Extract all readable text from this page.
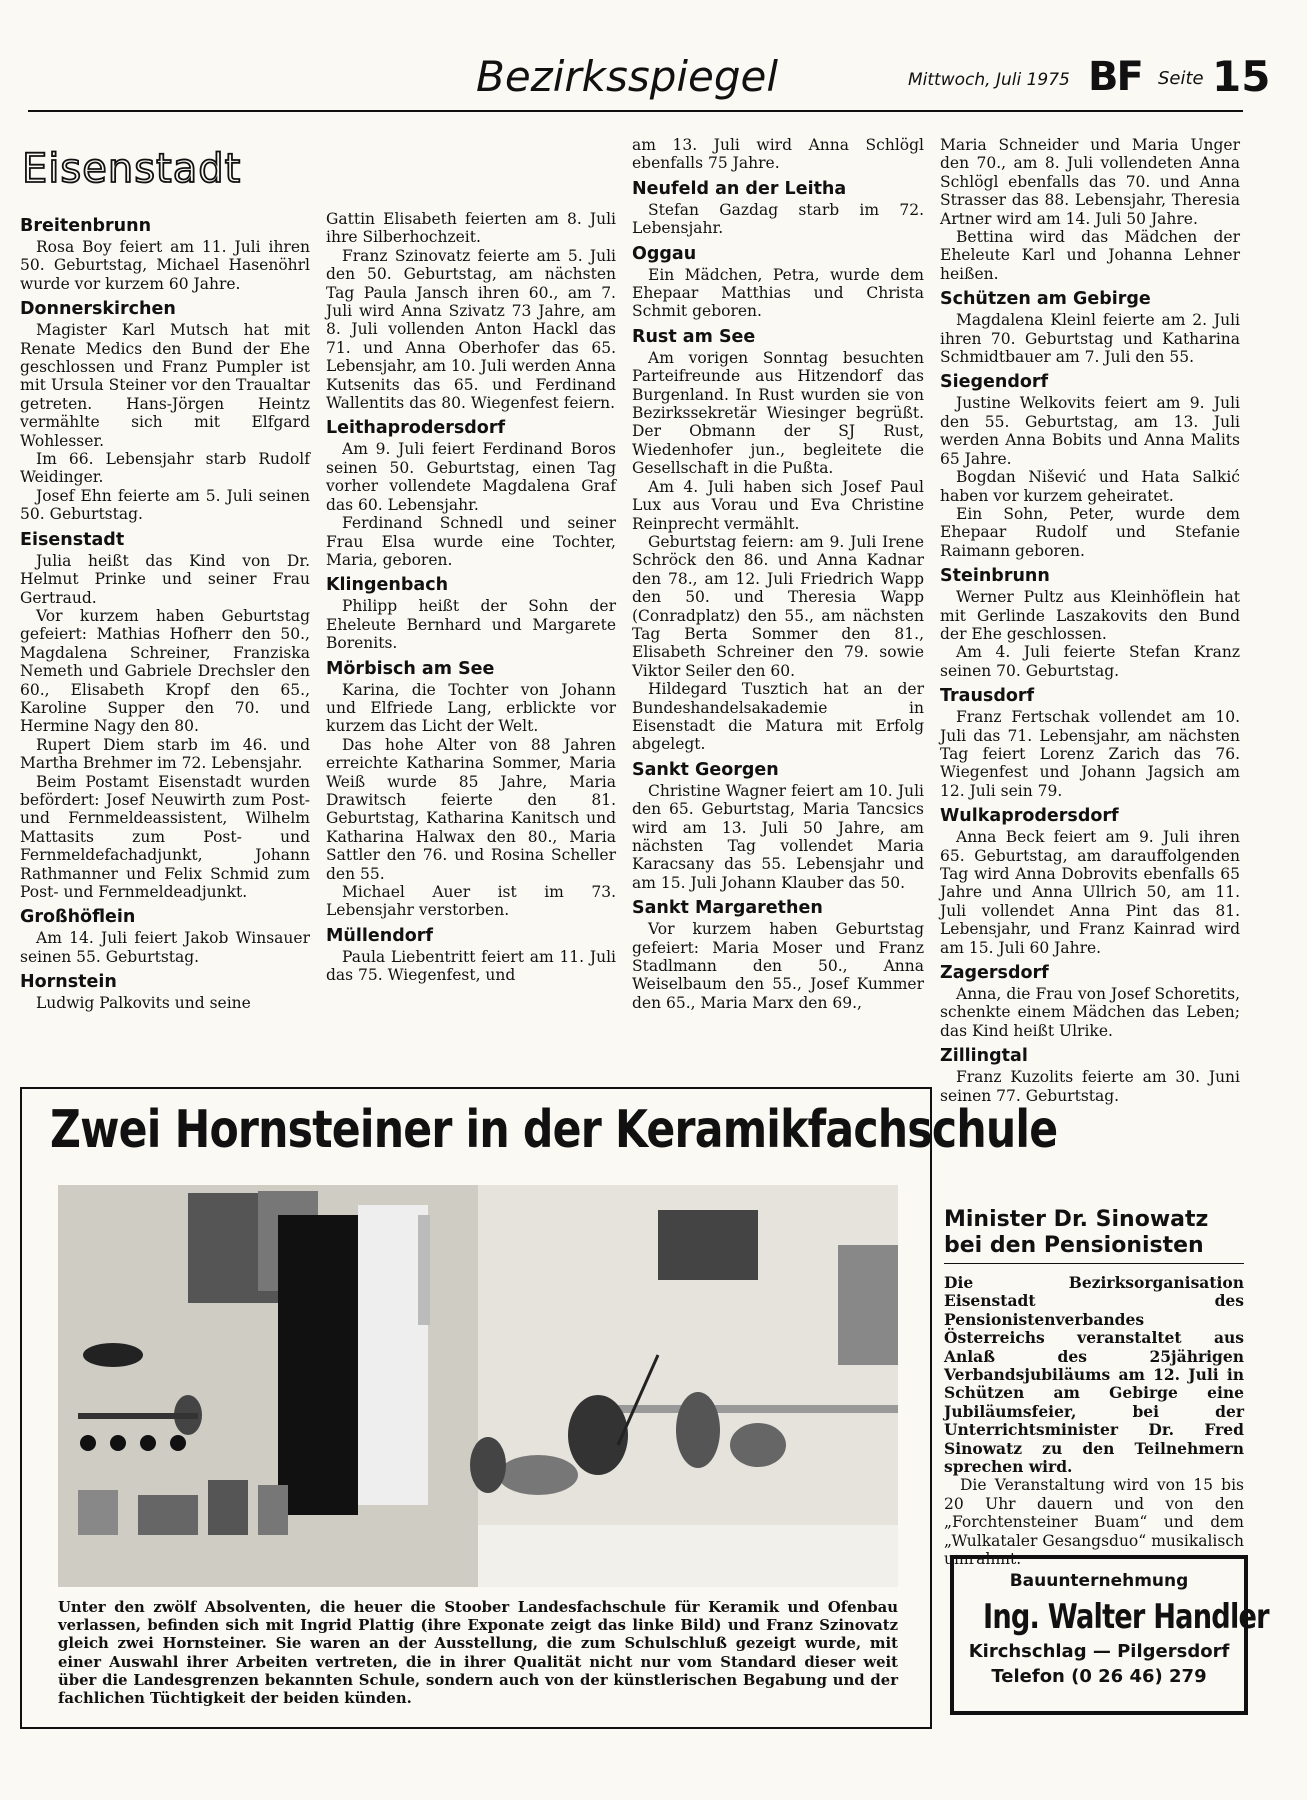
Bezirksspiegel	Mittwoch, Juli 1975 BF Seite 15
Eisenstadt
Breitenbrunn

Rosa Boy feiert am 11. Juli ihren 50. Geburtstag, Michael Hasenöhrl wurde vor kurzem 60 Jahre.

Donnerskirchen

Magister Karl Mutsch hat mit Renate Medics den Bund der Ehe geschlossen und Franz Pumpler ist mit Ursula Steiner vor den Traualtar getreten. Hans-Jörgen Heintz vermählte sich mit Elfgard Wohlesser.

Im 66. Lebensjahr starb Rudolf Weidinger.

Josef Ehn feierte am 5. Juli seinen 50. Geburtstag.

Eisenstadt

Julia heißt das Kind von Dr. Helmut Prinke und seiner Frau Gertraud.

Vor kurzem haben Geburtstag gefeiert: Mathias Hofherr den 50., Magdalena Schreiner, Franziska Nemeth und Gabriele Drechsler den 60., Elisabeth Kropf den 65., Karoline Supper den 70. und Hermine Nagy den 80.

Rupert Diem starb im 46. und Martha Brehmer im 72. Lebensjahr.

Beim Postamt Eisenstadt wurden befördert: Josef Neuwirth zum Post- und Fernmeldeassistent, Wilhelm Mattasits zum Post- und Fernmeldefachadjunkt, Johann Rathmanner und Felix Schmid zum Post- und Fernmeldeadjunkt.

Großhöflein

Am 14. Juli feiert Jakob Winsauer seinen 55. Geburtstag.

Hornstein

Ludwig Palkovits und seine

Gattin Elisabeth feierten am 8. Juli ihre Silberhochzeit.

Franz Szinovatz feierte am 5. Juli den 50. Geburtstag, am nächsten Tag Paula Jansch ihren 60., am 7. Juli wird Anna Szivatz 73 Jahre, am 8. Juli vollenden Anton Hackl das 71. und Anna Oberhofer das 65. Lebensjahr, am 10. Juli werden Anna Kutsenits das 65. und Ferdinand Wallentits das 80. Wiegenfest feiern.

Leithaprodersdorf

Am 9. Juli feiert Ferdinand Boros seinen 50. Geburtstag, einen Tag vorher vollendete Magdalena Graf das 60. Lebensjahr.

Ferdinand Schnedl und seiner Frau Elsa wurde eine Tochter, Maria, geboren.

Klingenbach

Philipp heißt der Sohn der Eheleute Bernhard und Margarete Borenits.

Mörbisch am See

Karina, die Tochter von Johann und Elfriede Lang, erblickte vor kurzem das Licht der Welt.

Das hohe Alter von 88 Jahren erreichte Katharina Sommer, Maria Weiß wurde 85 Jahre, Maria Drawitsch feierte den 81. Geburtstag, Katharina Kanitsch und Katharina Halwax den 80., Maria Sattler den 76. und Rosina Scheller den 55.

Michael Auer ist im 73. Lebensjahr verstorben.

Müllendorf

Paula Liebentritt feiert am 11. Juli das 75. Wiegenfest, und

am 13. Juli wird Anna Schlögl ebenfalls 75 Jahre.

Neufeld an der Leitha

Stefan Gazdag starb im 72. Lebensjahr.

Oggau

Ein Mädchen, Petra, wurde dem Ehepaar Matthias und Christa Schmit geboren.

Rust am See

Am vorigen Sonntag besuchten Parteifreunde aus Hitzendorf das Burgenland. In Rust wurden sie von Bezirkssekretär Wiesinger begrüßt. Der Obmann der SJ Rust, Wiedenhofer jun., begleitete die Gesellschaft in die Pußta.

Am 4. Juli haben sich Josef Paul Lux aus Vorau und Eva Christine Reinprecht vermählt.

Geburtstag feiern: am 9. Juli Irene Schröck den 86. und Anna Kadnar den 78., am 12. Juli Friedrich Wapp den 50. und Theresia Wapp (Conradplatz) den 55., am nächsten Tag Berta Sommer den 81., Elisabeth Schreiner den 79. sowie Viktor Seiler den 60.

Hildegard Tusztich hat an der Bundeshandelsakademie in Eisenstadt die Matura mit Erfolg abgelegt.

Sankt Georgen

Christine Wagner feiert am 10. Juli den 65. Geburtstag, Maria Tancsics wird am 13. Juli 50 Jahre, am nächsten Tag vollendet Maria Karacsany das 55. Lebensjahr und am 15. Juli Johann Klauber das 50.

Sankt Margarethen

Vor kurzem haben Geburtstag gefeiert: Maria Moser und Franz Stadlmann den 50., Anna Weiselbaum den 55., Josef Kummer den 65., Maria Marx den 69.,

Maria Schneider und Maria Unger den 70., am 8. Juli vollendeten Anna Schlögl ebenfalls das 70. und Anna Strasser das 88. Lebensjahr, Theresia Artner wird am 14. Juli 50 Jahre.

Bettina wird das Mädchen der Eheleute Karl und Johanna Lehner heißen.

Schützen am Gebirge

Magdalena Kleinl feierte am 2. Juli ihren 70. Geburtstag und Katharina Schmidtbauer am 7. Juli den 55.

Siegendorf

Justine Welkovits feiert am 9. Juli den 55. Geburtstag, am 13. Juli werden Anna Bobits und Anna Malits 65 Jahre.

Bogdan Nišević und Hata Salkić haben vor kurzem geheiratet.

Ein Sohn, Peter, wurde dem Ehepaar Rudolf und Stefanie Raimann geboren.

Steinbrunn

Werner Pultz aus Kleinhöflein hat mit Gerlinde Laszakovits den Bund der Ehe geschlossen.

Am 4. Juli feierte Stefan Kranz seinen 70. Geburtstag.

Trausdorf

Franz Fertschak vollendet am 10. Juli das 71. Lebensjahr, am nächsten Tag feiert Lorenz Zarich das 76. Wiegenfest und Johann Jagsich am 12. Juli sein 79.

Wulkaprodersdorf

Anna Beck feiert am 9. Juli ihren 65. Geburtstag, am darauffolgenden Tag wird Anna Dobrovits ebenfalls 65 Jahre und Anna Ullrich 50, am 11. Juli vollendet Anna Pint das 81. Lebensjahr, und Franz Kainrad wird am 15. Juli 60 Jahre.

Zagersdorf

Anna, die Frau von Josef Schoretits, schenkte einem Mädchen das Leben; das Kind heißt Ulrike.

Zillingtal

Franz Kuzolits feierte am 30. Juni seinen 77. Geburtstag.

Zwei Hornsteiner in der Keramikfachschule
Unter den zwölf Absolventen, die heuer die Stoober Landesfachschule für Keramik und Ofenbau verlassen, befinden sich mit Ingrid Plattig (ihre Exponate zeigt das linke Bild) und Franz Szinovatz gleich zwei Hornsteiner. Sie waren an der Ausstellung, die zum Schulschluß gezeigt wurde, mit einer Auswahl ihrer Arbeiten vertreten, die in ihrer Qualität nicht nur vom Standard dieser weit über die Landesgrenzen bekannten Schule, sondern auch von der künstlerischen Begabung und der fachlichen Tüchtigkeit der beiden künden.
Minister Dr. Sinowatz
bei den Pensionisten

Die Bezirksorganisation Eisenstadt des Pensionistenverbandes Österreichs veranstaltet aus Anlaß des 25jährigen Verbandsjubiläums am 12. Juli in Schützen am Gebirge eine Jubiläumsfeier, bei der Unterrichtsminister Dr. Fred Sinowatz zu den Teilnehmern sprechen wird.

Die Veranstaltung wird von 15 bis 20 Uhr dauern und von den „Forchtensteiner Buam“ und dem „Wulkataler Gesangsduo“ musikalisch umrahmt.

Bauunternehmung
Ing. Walter Handler
Kirchschlag — Pilgersdorf
Telefon (0 26 46) 279
